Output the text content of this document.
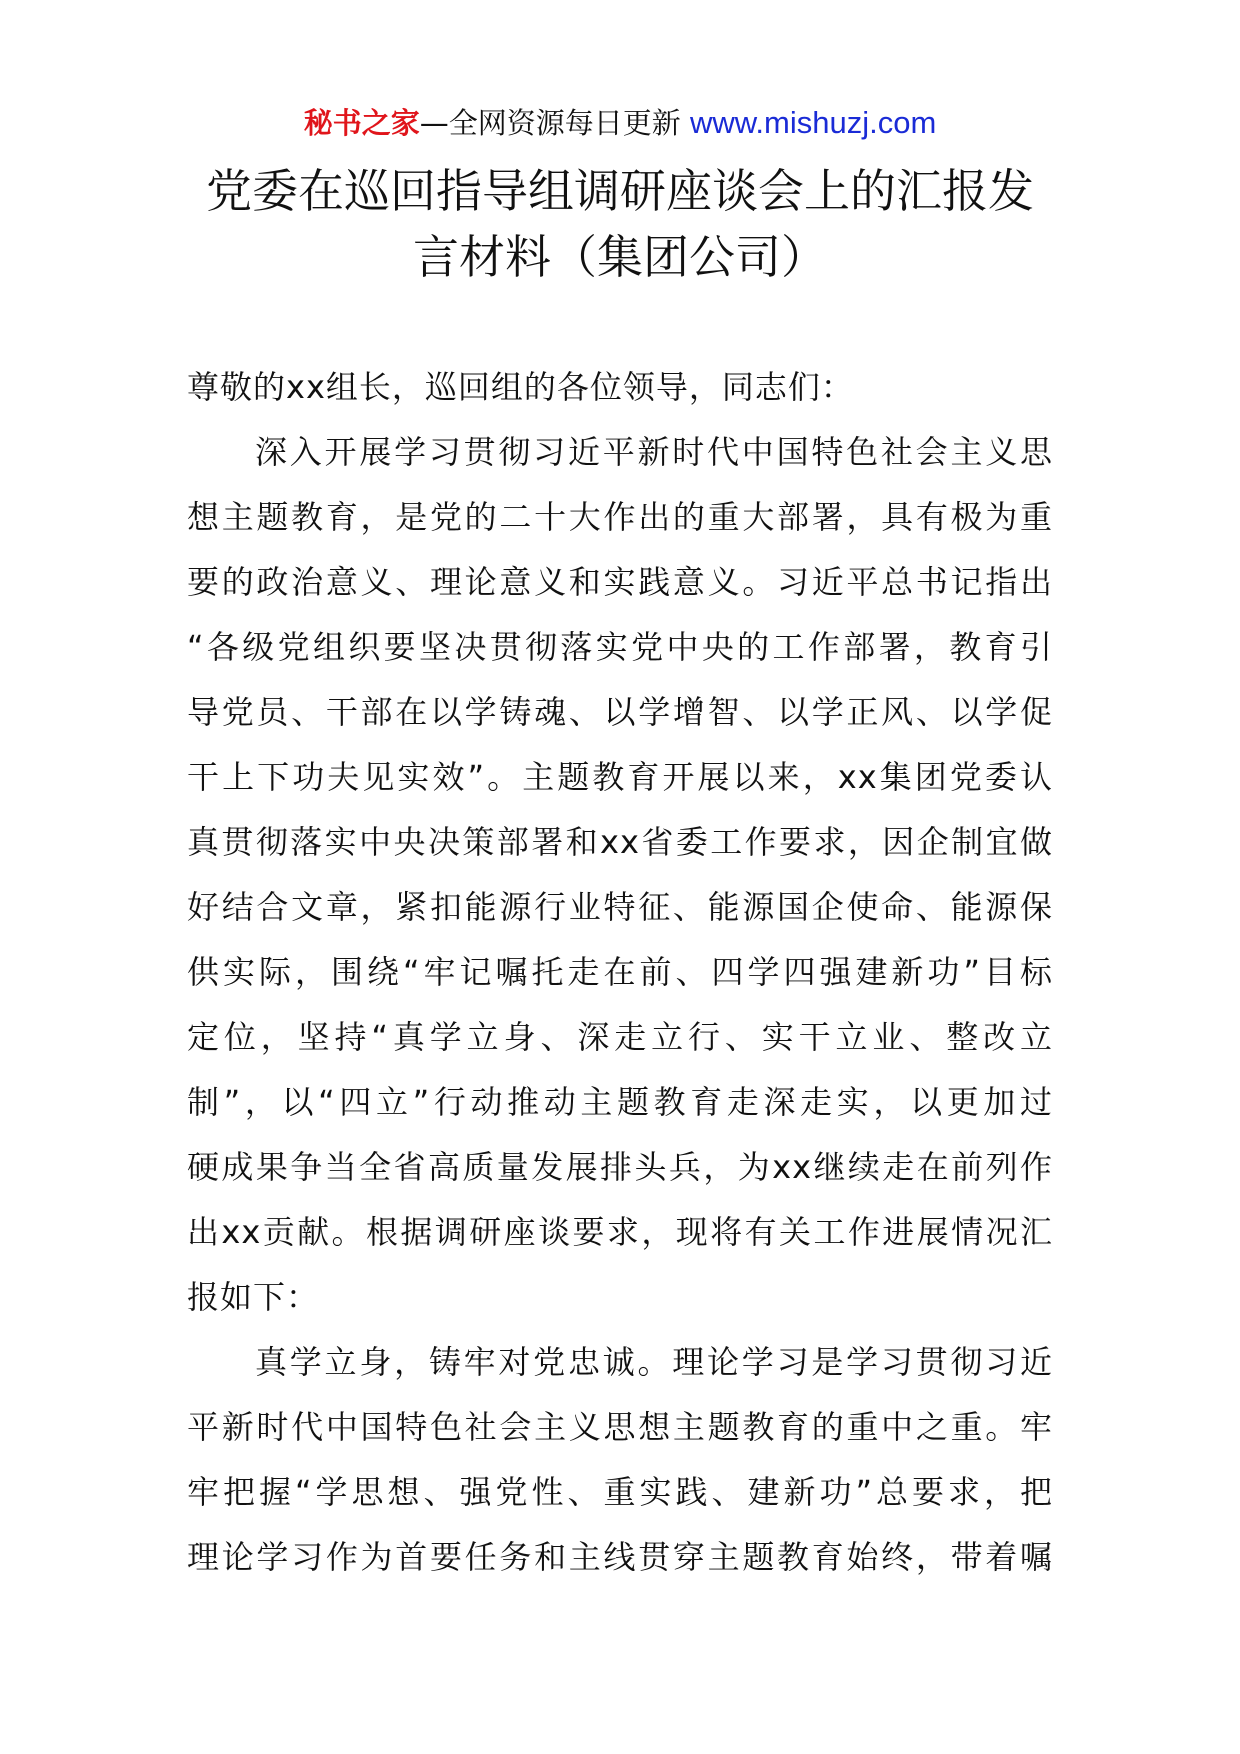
秘书之家—全网资源每日更新 www.mishuzj.com
党委在巡回指导组调研座谈会上的汇报发
言材料（集团公司）
尊敬的xx组长，巡回组的各位领导，同志们：
深入开展学习贯彻习近平新时代中国特色社会主义思
想主题教育，是党的二十大作出的重大部署，具有极为重
要的政治意义、理论意义和实践意义。习近平总书记指出
“各级党组织要坚决贯彻落实党中央的工作部署，教育引
导党员、干部在以学铸魂、以学增智、以学正风、以学促
干上下功夫见实效”。主题教育开展以来，xx集团党委认
真贯彻落实中央决策部署和xx省委工作要求，因企制宜做
好结合文章，紧扣能源行业特征、能源国企使命、能源保
供实际，围绕“牢记嘱托走在前、四学四强建新功”目标
定位，坚持“真学立身、深走立行、实干立业、整改立
制”，以“四立”行动推动主题教育走深走实，以更加过
硬成果争当全省高质量发展排头兵，为xx继续走在前列作
出xx贡献。根据调研座谈要求，现将有关工作进展情况汇
报如下：
真学立身，铸牢对党忠诚。理论学习是学习贯彻习近
平新时代中国特色社会主义思想主题教育的重中之重。牢
牢把握“学思想、强党性、重实践、建新功”总要求，把
理论学习作为首要任务和主线贯穿主题教育始终，带着嘱
